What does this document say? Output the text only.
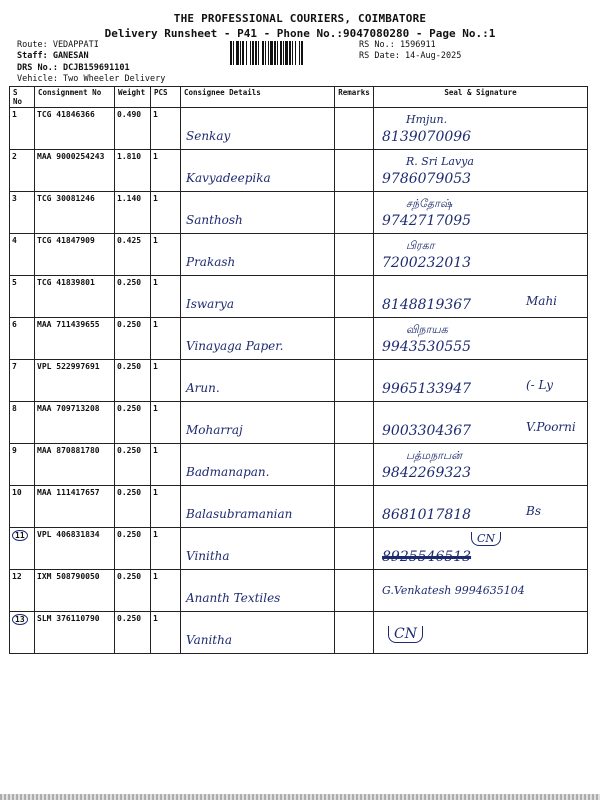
THE PROFESSIONAL COURIERS, COIMBATORE
Delivery Runsheet - P41 - Phone No.:9047080280 - Page No.:1
Route: VEDAPPATI
Staff: GANESAN
DRS No.: DCJB159691101
Vehicle: Two Wheeler Delivery
RS No.: 1596911
RS Date: 14-Aug-2025
S No	Consignment No	Weight	PCS	Consignee Details	Remarks	Seal & Signature
1	TCG 41846366	0.490	1	Senkay		Hmjun.
8139070096

2	MAA 9000254243	1.810	1	Kavyadeepika		R. Sri Lavya
9786079053

3	TCG 30081246	1.140	1	Santhosh		சந்தோஷ்
9742717095

4	TCG 41847909	0.425	1	Prakash		பிரகா
7200232013

5	TCG 41839801	0.250	1	Iswarya		8148819367 Mahi

6	MAA 711439655	0.250	1	Vinayaga Paper.		விநாயக
9943530555

7	VPL 522997691	0.250	1	Arun.		9965133947 (- Ly

8	MAA 709713208	0.250	1	Moharraj		9003304367 V.Poorni

9	MAA 870881780	0.250	1	Badmanapan.		பத்மநாபன்
9842269323

10	MAA 111417657	0.250	1	Balasubramanian		8681017818 Bs

11	VPL 406831834	0.250	1	Vinitha		CN
8925546513

12	IXM 508790050	0.250	1	Ananth Textiles		G.Venkatesh 9994635104

13	SLM 376110790	0.250	1	Vanitha		CN
